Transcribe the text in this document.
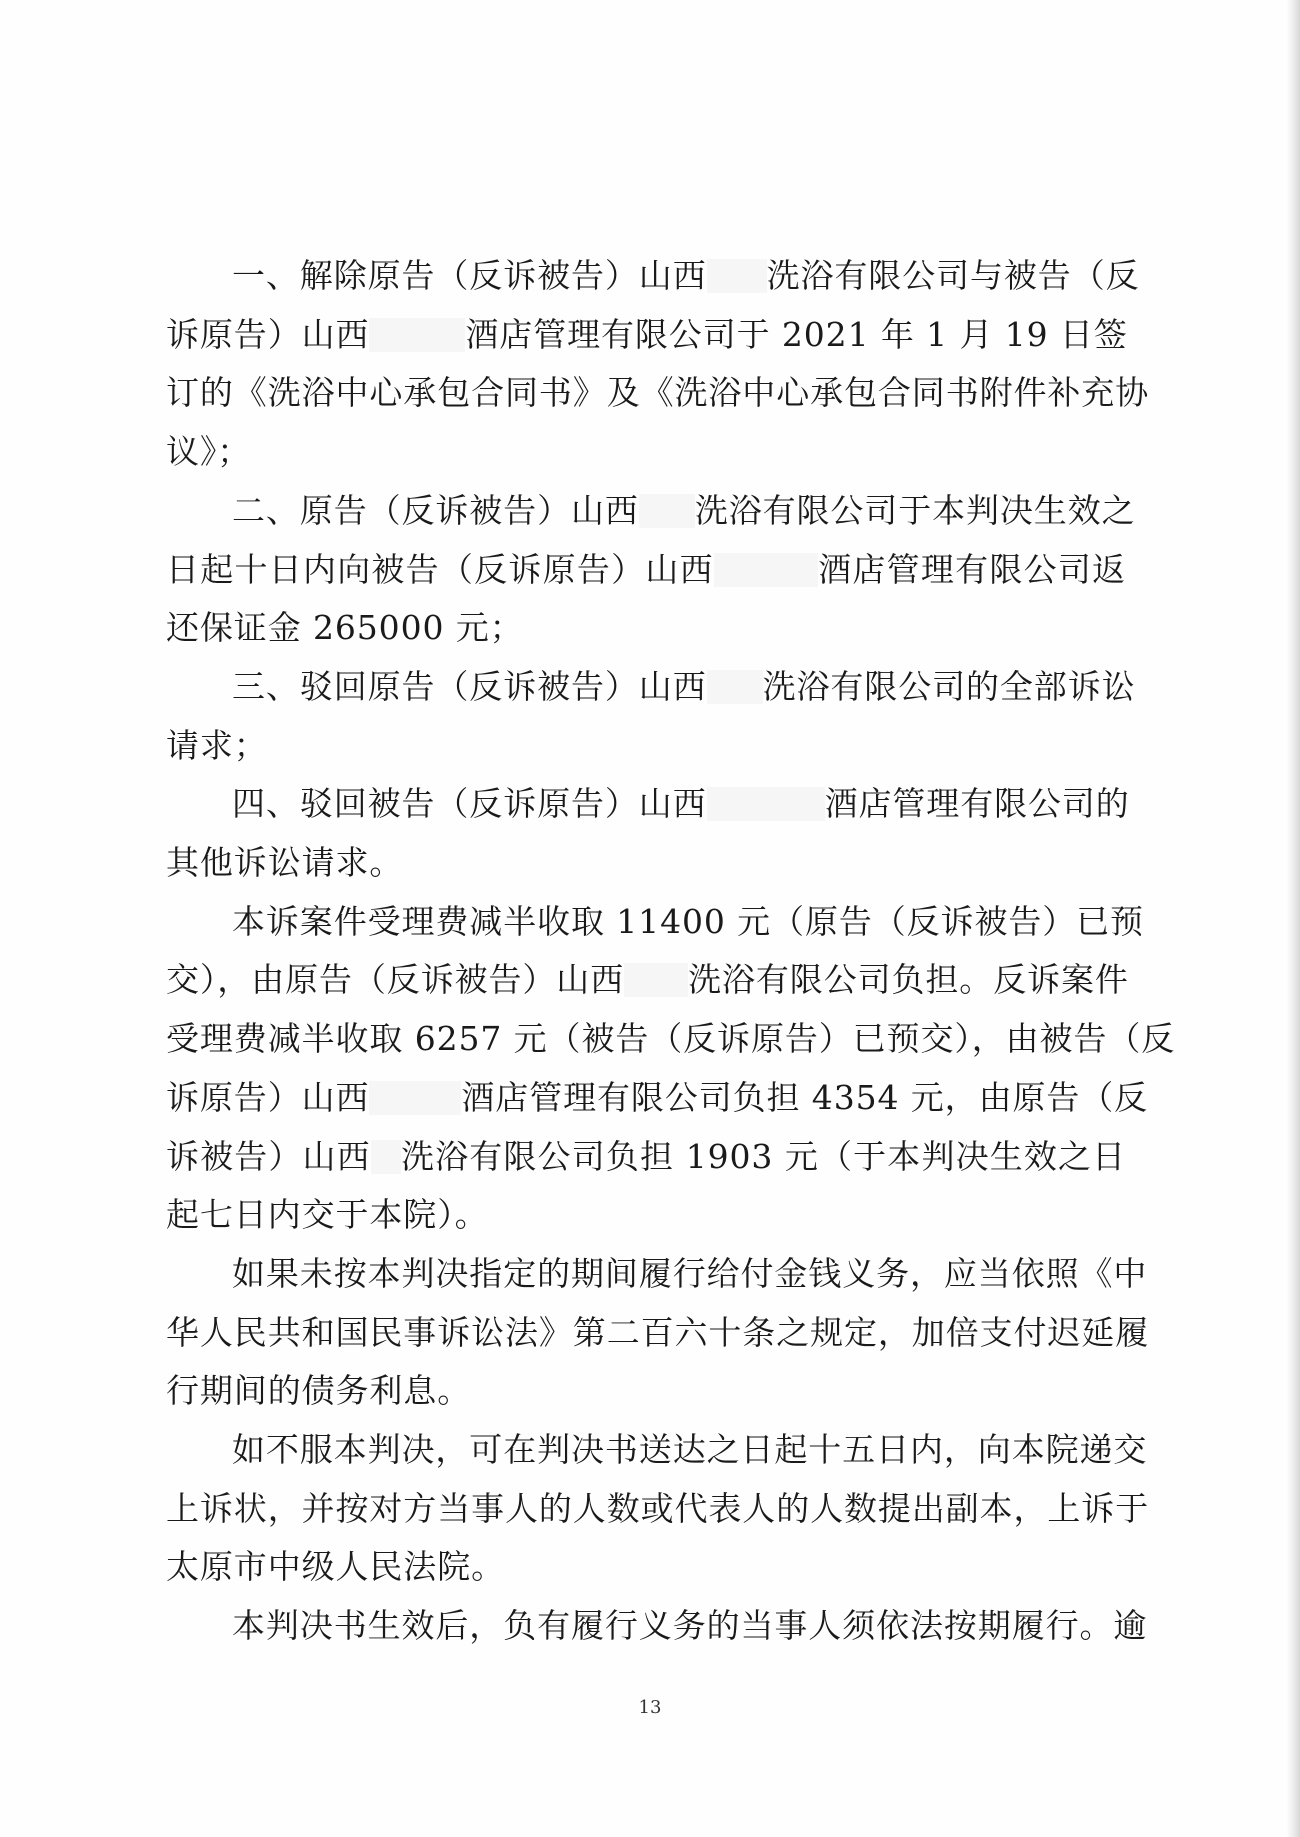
一、解除原告（反诉被告）山西 洗浴有限公司与被告（反
诉原告）山西	酒店管理有限公司于 2021 年 1 月 19 日签
订的《洗浴中心承包合同书》及《洗浴中心承包合同书附件补充协
议》；

二、原告（反诉被告）山西 洗浴有限公司于本判决生效之
日起十日内向被告（反诉原告）山西	酒店管理有限公司返
还保证金 265000 元；

三、驳回原告（反诉被告）山西 洗浴有限公司的全部诉讼
请求；

四、驳回被告（反诉原告）山西	酒店管理有限公司的
其他诉讼请求。

本诉案件受理费减半收取 11400 元（原告（反诉被告）已预
交），由原告（反诉被告）山西 洗浴有限公司负担。反诉案件
受理费减半收取 6257 元（被告（反诉原告）已预交），由被告（反
诉原告）山西	酒店管理有限公司负担 4354 元，由原告（反
诉被告）山西 洗浴有限公司负担 1903 元（于本判决生效之日
起七日内交于本院）。

如果未按本判决指定的期间履行给付金钱义务，应当依照《中
华人民共和国民事诉讼法》第二百六十条之规定，加倍支付迟延履
行期间的债务利息。

如不服本判决，可在判决书送达之日起十五日内，向本院递交
上诉状，并按对方当事人的人数或代表人的人数提出副本，上诉于
太原市中级人民法院。

本判决书生效后，负有履行义务的当事人须依法按期履行。逾

13
